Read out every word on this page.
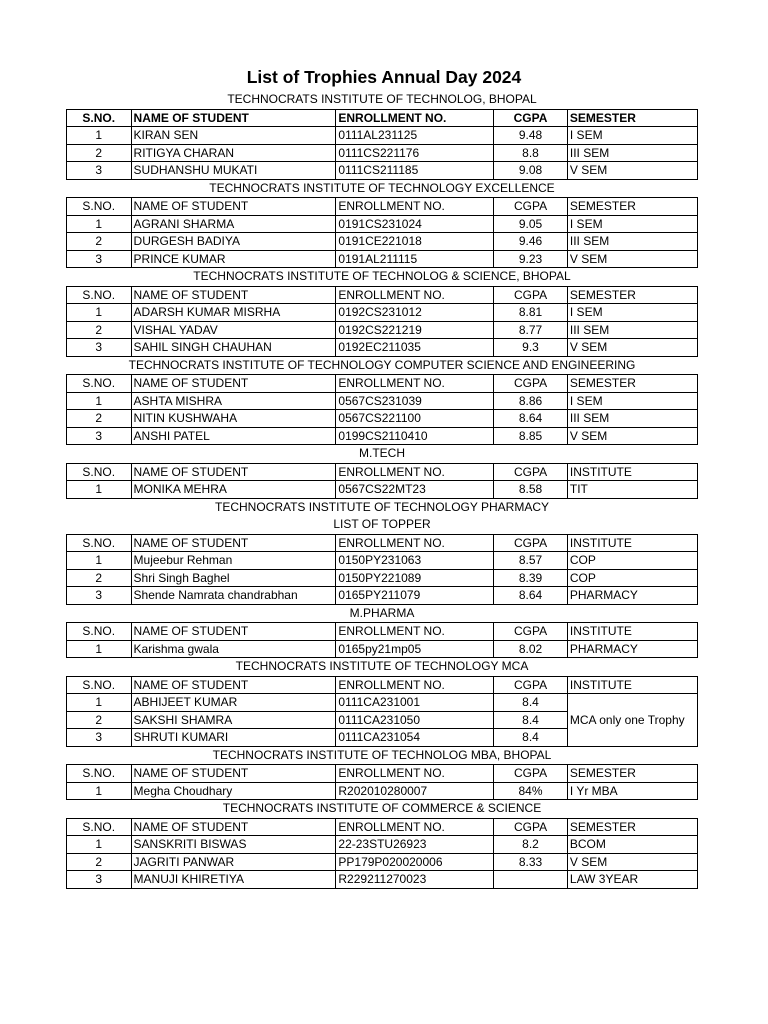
List of Trophies Annual Day 2024
TECHNOCRATS INSTITUTE OF TECHNOLOG, BHOPAL
S.NO.	NAME OF STUDENT	ENROLLMENT NO.	CGPA	SEMESTER
1	KIRAN SEN	0111AL231125	9.48	I SEM
2	RITIGYA CHARAN	0111CS221176	8.8	III SEM
3	SUDHANSHU MUKATI	0111CS211185	9.08	V SEM
TECHNOCRATS INSTITUTE OF TECHNOLOGY EXCELLENCE
S.NO.	NAME OF STUDENT	ENROLLMENT NO.	CGPA	SEMESTER
1	AGRANI SHARMA	0191CS231024	9.05	I SEM
2	DURGESH BADIYA	0191CE221018	9.46	III SEM
3	PRINCE KUMAR	0191AL211115	9.23	V SEM
TECHNOCRATS INSTITUTE OF TECHNOLOG & SCIENCE, BHOPAL
S.NO.	NAME OF STUDENT	ENROLLMENT NO.	CGPA	SEMESTER
1	ADARSH KUMAR MISRHA	0192CS231012	8.81	I SEM
2	VISHAL YADAV	0192CS221219	8.77	III SEM
3	SAHIL SINGH CHAUHAN	0192EC211035	9.3	V SEM
TECHNOCRATS INSTITUTE OF TECHNOLOGY COMPUTER SCIENCE AND ENGINEERING
S.NO.	NAME OF STUDENT	ENROLLMENT NO.	CGPA	SEMESTER
1	ASHTA MISHRA	0567CS231039	8.86	I SEM
2	NITIN KUSHWAHA	0567CS221100	8.64	III SEM
3	ANSHI PATEL	0199CS2110410	8.85	V SEM
M.TECH
S.NO.	NAME OF STUDENT	ENROLLMENT NO.	CGPA	INSTITUTE
1	MONIKA MEHRA	0567CS22MT23	8.58	TIT
TECHNOCRATS INSTITUTE OF TECHNOLOGY PHARMACY
LIST OF TOPPER
S.NO.	NAME OF STUDENT	ENROLLMENT NO.	CGPA	INSTITUTE
1	Mujeebur Rehman	0150PY231063	8.57	COP
2	Shri Singh Baghel	0150PY221089	8.39	COP
3	Shende Namrata chandrabhan	0165PY211079	8.64	PHARMACY
M.PHARMA
S.NO.	NAME OF STUDENT	ENROLLMENT NO.	CGPA	INSTITUTE
1	Karishma gwala	0165py21mp05	8.02	PHARMACY
TECHNOCRATS INSTITUTE OF TECHNOLOGY MCA
S.NO.	NAME OF STUDENT	ENROLLMENT NO.	CGPA	INSTITUTE
1	ABHIJEET KUMAR	0111CA231001	8.4	MCA only one Trophy
2	SAKSHI SHAMRA	0111CA231050	8.4	
3	SHRUTI KUMARI	0111CA231054	8.4	
TECHNOCRATS INSTITUTE OF TECHNOLOG MBA, BHOPAL
S.NO.	NAME OF STUDENT	ENROLLMENT NO.	CGPA	SEMESTER
1	Megha Choudhary	R202010280007	84%	I Yr MBA
TECHNOCRATS INSTITUTE OF COMMERCE & SCIENCE
S.NO.	NAME OF STUDENT	ENROLLMENT NO.	CGPA	SEMESTER
1	SANSKRITI BISWAS	22-23STU26923	8.2	BCOM
2	JAGRITI PANWAR	PP179P020020006	8.33	V SEM
3	MANUJI KHIRETIYA	R229211270023		LAW 3YEAR
